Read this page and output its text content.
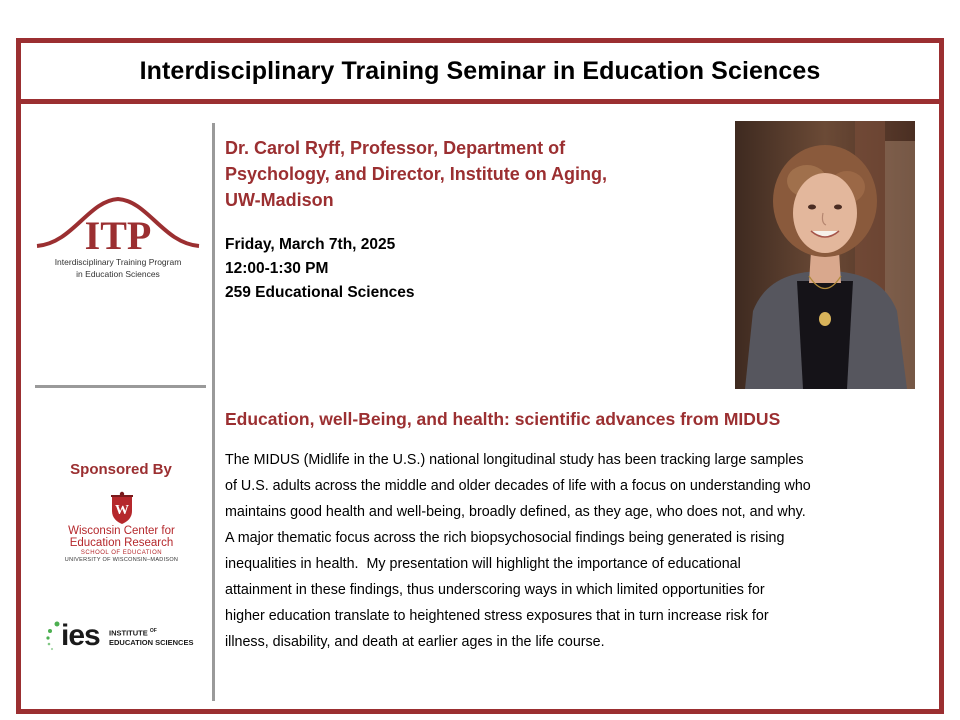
Interdisciplinary Training Seminar in Education Sciences
ITP
Interdisciplinary Training Program
in Education Sciences
Sponsored By
W
Wisconsin Center for
Education Research
SCHOOL OF EDUCATION
UNIVERSITY OF WISCONSIN–MADISON
ies INSTITUTE $^{OF}$
EDUCATION SCIENCES
Dr. Carol Ryff, Professor, Department of
Psychology, and Director, Institute on Aging,
UW-Madison
Friday, March 7th, 2025
12:00-1:30 PM
259 Educational Sciences
Education, well-Being, and health: scientific advances from MIDUS
The MIDUS (Midlife in the U.S.) national longitudinal study has been tracking large samples
of U.S. adults across the middle and older decades of life with a focus on understanding who
maintains good health and well-being, broadly defined, as they age, who does not, and why.
A major thematic focus across the rich biopsychosocial findings being generated is rising
inequalities in health.  My presentation will highlight the importance of educational
attainment in these findings, thus underscoring ways in which limited opportunities for
higher education translate to heightened stress exposures that in turn increase risk for
illness, disability, and death at earlier ages in the life course.
